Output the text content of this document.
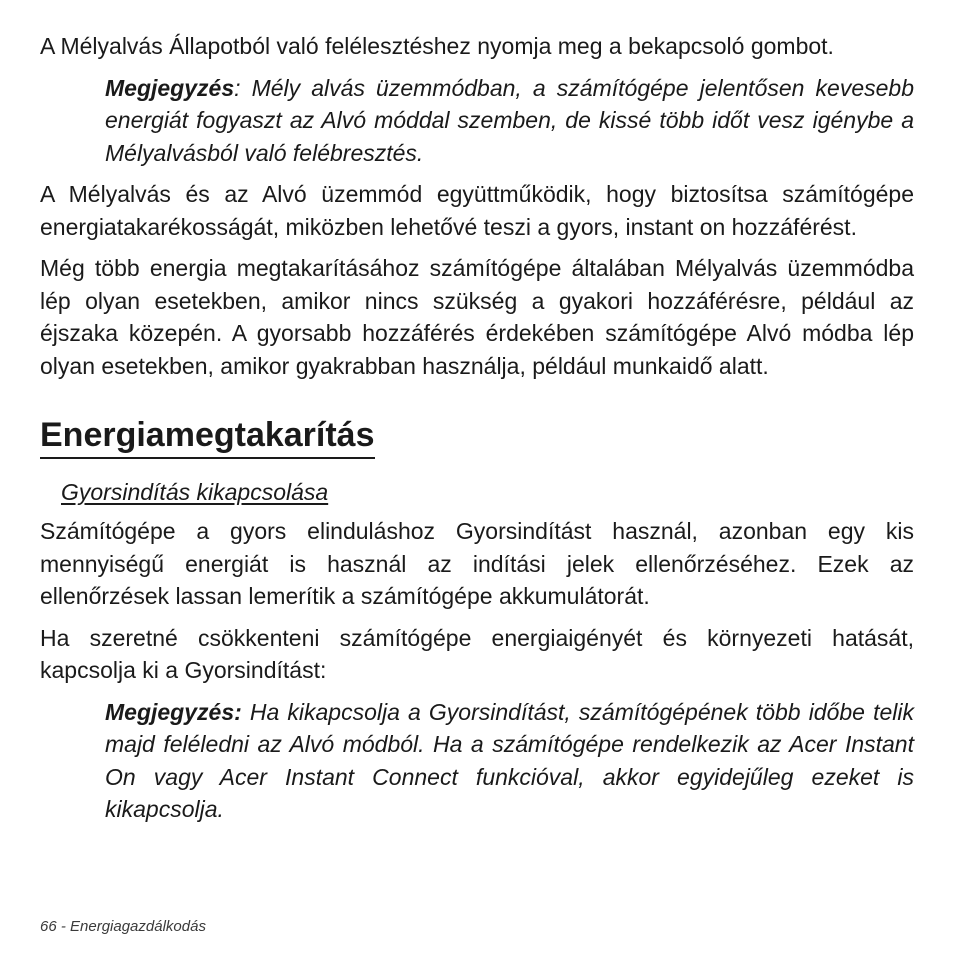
A Mélyalvás Állapotból való felélesztéshez nyomja meg a bekapcsoló gombot.

Megjegyzés: Mély alvás üzemmódban, a számítógépe jelentősen kevesebb energiát fogyaszt az Alvó móddal szemben, de kissé több időt vesz igénybe a Mélyalvásból való felébresztés.

A Mélyalvás és az Alvó üzemmód együttműködik, hogy biztosítsa számítógépe energiatakarékosságát, miközben lehetővé teszi a gyors, instant on hozzáférést.

Még több energia megtakarításához számítógépe általában Mélyalvás üzemmódba lép olyan esetekben, amikor nincs szükség a gyakori hozzáférésre, például az éjszaka közepén. A gyorsabb hozzáférés érdekében számítógépe Alvó módba lép olyan esetekben, amikor gyakrabban használja, például munkaidő alatt.

Energiamegtakarítás
Gyorsindítás kikapcsolása

Számítógépe a gyors elinduláshoz Gyorsindítást használ, azonban egy kis mennyiségű energiát is használ az indítási jelek ellenőrzéséhez. Ezek az ellenőrzések lassan lemerítik a számítógépe akkumulátorát.

Ha szeretné csökkenteni számítógépe energiaigényét és környezeti hatását, kapcsolja ki a Gyorsindítást:

Megjegyzés: Ha kikapcsolja a Gyorsindítást, számítógépének több időbe telik majd feléledni az Alvó módból. Ha a számítógépe rendelkezik az Acer Instant On vagy Acer Instant Connect funkcióval, akkor egyidejűleg ezeket is kikapcsolja.

66 - Energiagazdálkodás
